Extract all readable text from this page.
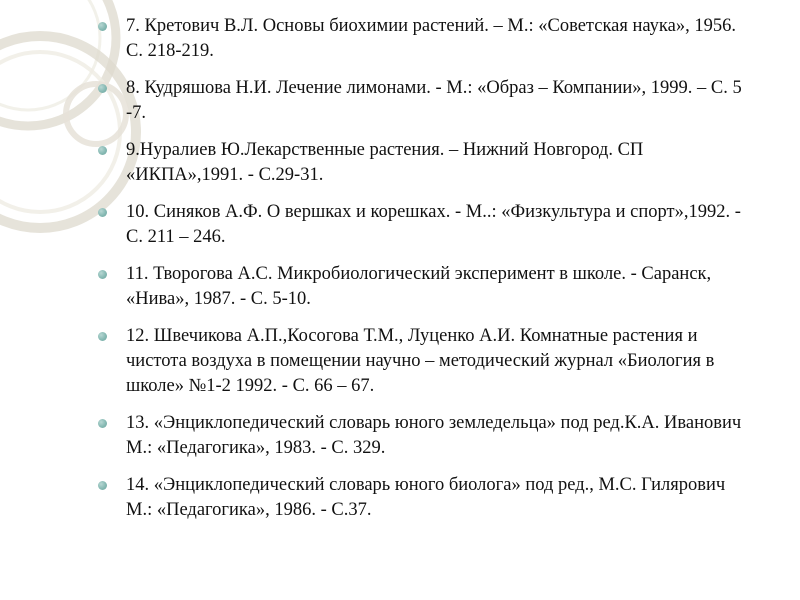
7. Кретович В.Л. Основы биохимии растений. – М.: «Советская наука», 1956. С. 218-219.
8. Кудряшова Н.И. Лечение лимонами. - М.: «Образ – Компании», 1999. – С. 5 -7.
9.Нуралиев Ю.Лекарственные растения. – Нижний Новгород. СП «ИКПА»,1991. - С.29-31.
10. Синяков А.Ф. О вершках и корешках. - М..: «Физкультура и спорт»,1992. - С. 211 – 246.
11. Творогова А.С. Микробиологический эксперимент в школе. - Саранск, «Нива», 1987. - С. 5-10.
12. Швечикова А.П.,Косогова Т.М., Луценко А.И. Комнатные растения и чистота воздуха в помещении научно – методический журнал «Биология в школе» №1-2 1992. - С. 66 – 67.
13. «Энциклопедический словарь юного земледельца» под ред.К.А. Иванович М.: «Педагогика», 1983. - С. 329.
14. «Энциклопедический словарь юного биолога» под ред., М.С. Гилярович М.: «Педагогика», 1986. - С.37.
